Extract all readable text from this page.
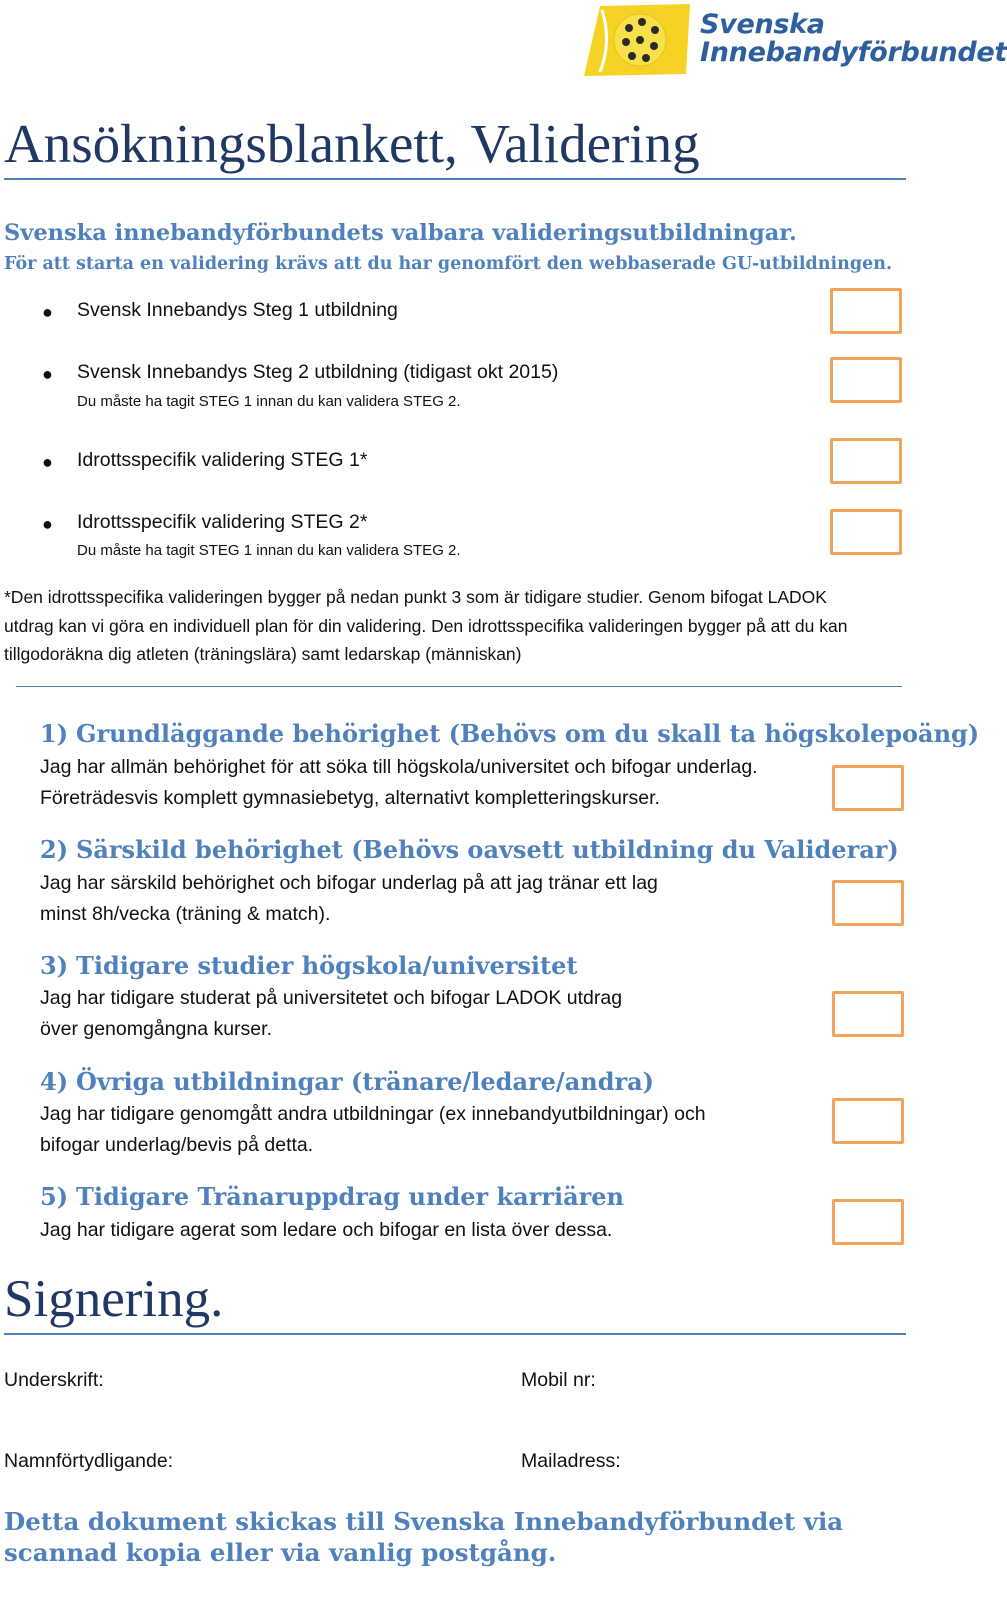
Svenska
Innebandyförbundet
Ansökningsblankett, Validering
Svenska innebandyförbundets valbara valideringsutbildningar.
För att starta en validering krävs att du har genomfört den webbaserade GU-utbildningen.
● Svensk Innebandys Steg 1 utbildning
● Svensk Innebandys Steg 2 utbildning (tidigast okt 2015)
Du måste ha tagit STEG 1 innan du kan validera STEG 2.
● Idrottsspecifik validering STEG 1*
● Idrottsspecifik validering STEG 2*
Du måste ha tagit STEG 1 innan du kan validera STEG 2.
*Den idrottsspecifika valideringen bygger på nedan punkt 3 som är tidigare studier. Genom bifogat LADOK
utdrag kan vi göra en individuell plan för din validering. Den idrottsspecifika valideringen bygger på att du kan
tillgodoräkna dig atleten (träningslära) samt ledarskap (människan)
1) Grundläggande behörighet (Behövs om du skall ta högskolepoäng)
Jag har allmän behörighet för att söka till högskola/universitet och bifogar underlag.
Företrädesvis komplett gymnasiebetyg, alternativt kompletteringskurser.
2) Särskild behörighet (Behövs oavsett utbildning du Validerar)
Jag har särskild behörighet och bifogar underlag på att jag tränar ett lag
minst 8h/vecka (träning & match).
3) Tidigare studier högskola/universitet
Jag har tidigare studerat på universitetet och bifogar LADOK utdrag
över genomgångna kurser.
4) Övriga utbildningar (tränare/ledare/andra)
Jag har tidigare genomgått andra utbildningar (ex innebandyutbildningar) och
bifogar underlag/bevis på detta.
5) Tidigare Tränaruppdrag under karriären
Jag har tidigare agerat som ledare och bifogar en lista över dessa.
Signering.
Underskrift:	Mobil nr:
Namnförtydligande:	Mailadress:
Detta dokument skickas till Svenska Innebandyförbundet via scannad kopia eller via vanlig postgång.
